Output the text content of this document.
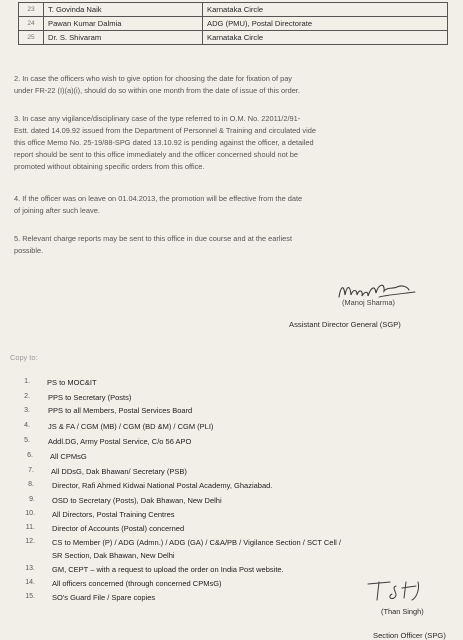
23	T. Govinda Naik	Karnataka Circle
24	Pawan Kumar Dalmia	ADG (PMU), Postal Directorate
25	Dr. S. Shivaram	Karnataka Circle
2. In case the officers who wish to give option for choosing the date for fixation of pay
under FR-22 (I)(a)(i), should do so within one month from the date of issue of this order.
3. In case any vigilance/disciplinary case of the type referred to in O.M. No. 22011/2/91-
Estt. dated 14.09.92 issued from the Department of Personnel & Training and circulated vide
this office Memo No. 25-19/88-SPG dated 13.10.92 is pending against the officer, a detailed
report should be sent to this office immediately and the officer concerned should not be
promoted without obtaining specific orders from this office.
4. If the officer was on leave on 01.04.2013, the promotion will be effective from the date
of joining after such leave.
5. Relevant charge reports may be sent to this office in due course and at the earliest
possible.
(Manoj Sharma)
Assistant Director General (SGP)
Copy to:
1. PS to MOC&IT
2. PPS to Secretary (Posts)
3. PPS to all Members, Postal Services Board
4. JS & FA / CGM (MB) / CGM (BD &M) / CGM (PLI)
5. Addl.DG, Army Postal Service, C/o 56 APO
6. All CPMsG
7. All DDsG, Dak Bhawan/ Secretary (PSB)
8. Director, Rafi Ahmed Kidwai National Postal Academy, Ghaziabad.
9. OSD to Secretary (Posts), Dak Bhawan, New Delhi
10. All Directors, Postal Training Centres
11. Director of Accounts (Postal) concerned
12. CS to Member (P) / ADG (Admn.) / ADG (GA) / C&A/PB / Vigilance Section / SCT Cell /
SR Section, Dak Bhawan, New Delhi
13. GM, CEPT – with a request to upload the order on India Post website.
14. All officers concerned (through concerned CPMsG)
15. SO's Guard File / Spare copies
(Than Singh)
Section Officer (SPG)
